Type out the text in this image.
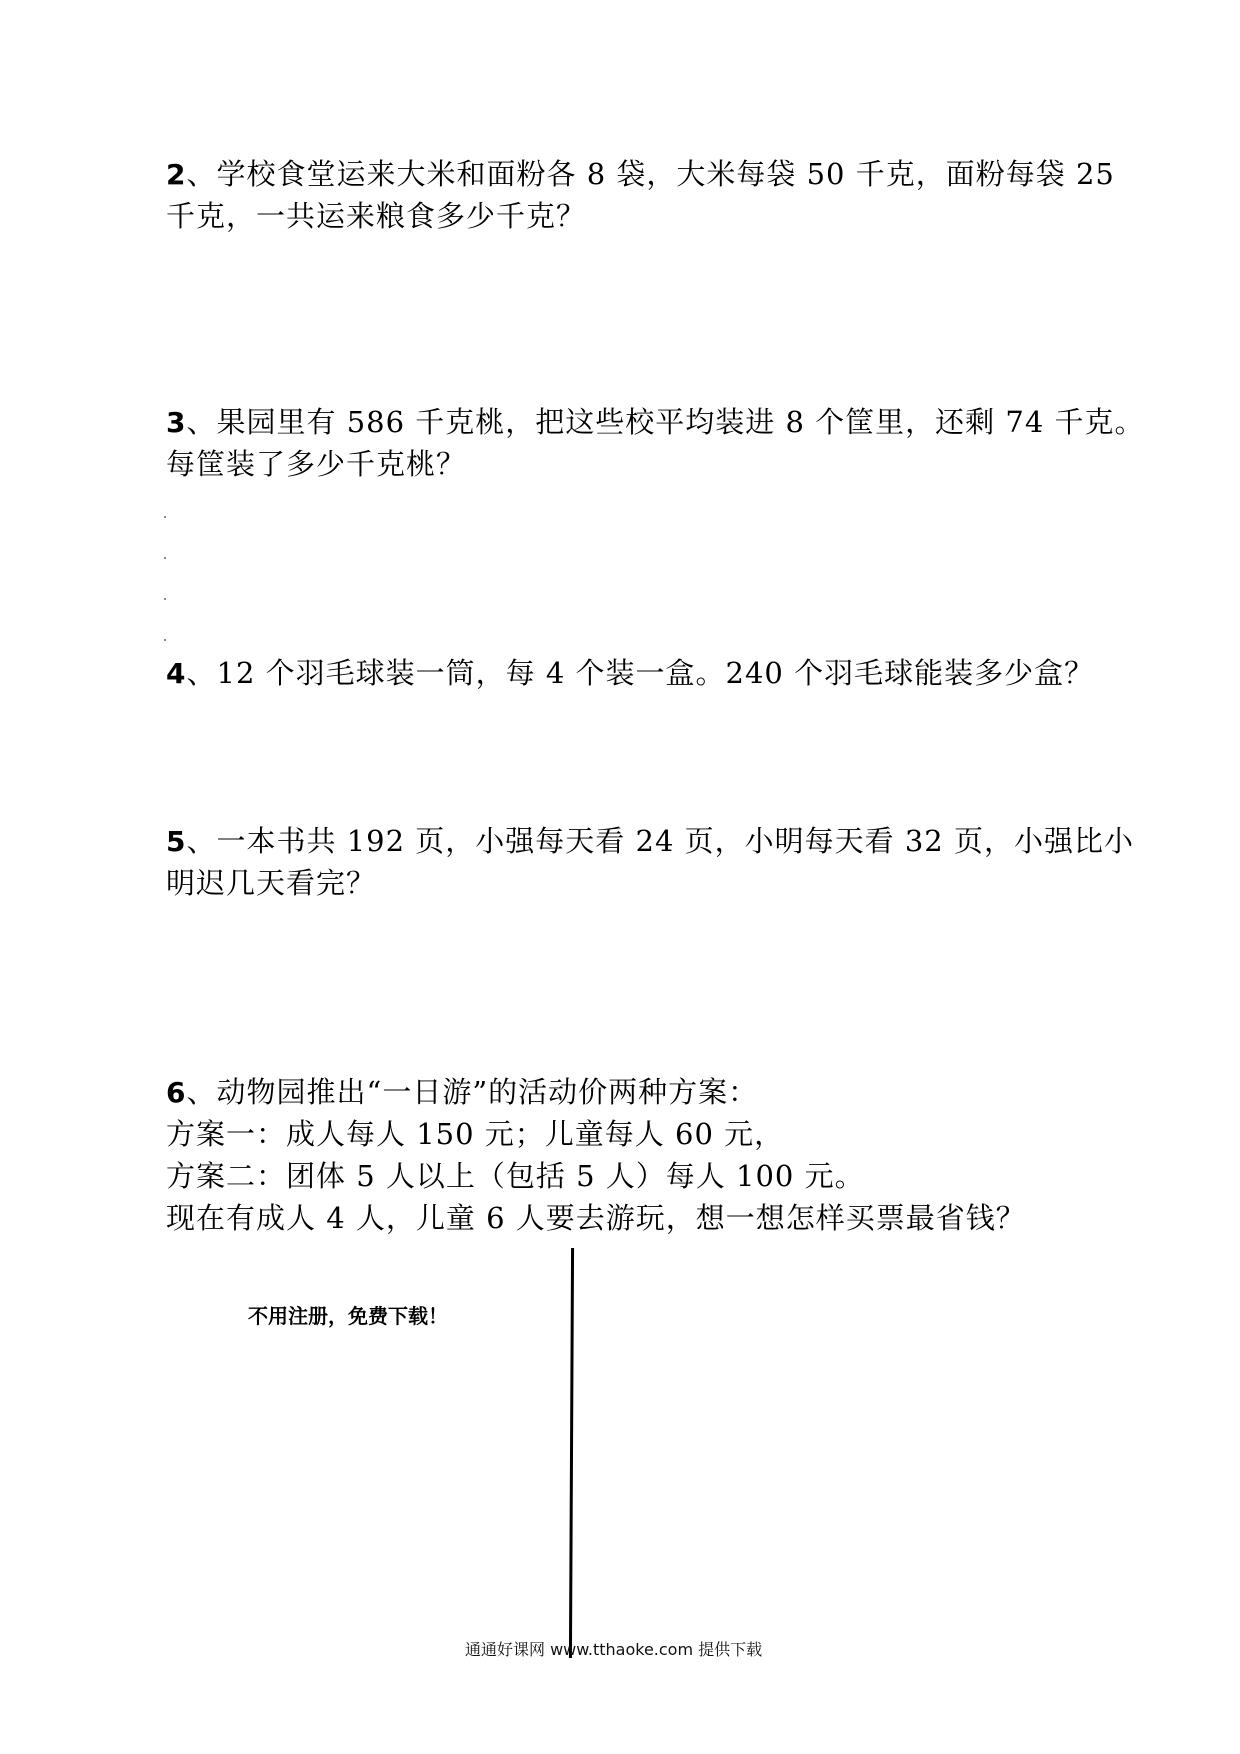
2、学校食堂运来大米和面粉各 8 袋，大米每袋 50 千克，面粉每袋 25
千克，一共运来粮食多少千克？
3、果园里有 586 千克桃，把这些校平均装进 8 个筐里，还剩 74 千克。
每筐装了多少千克桃？
4、12 个羽毛球装一筒，每 4 个装一盒。240 个羽毛球能装多少盒？
5、一本书共 192 页，小强每天看 24 页，小明每天看 32 页，小强比小
明迟几天看完？
6、动物园推出“一日游”的活动价两种方案：
方案一：成人每人 150 元；儿童每人 60 元，
方案二：团体 5 人以上（包括 5 人）每人 100 元。
现在有成人 4 人，儿童 6 人要去游玩，想一想怎样买票最省钱？
不用注册，免费下载！
通通好课网 www.tthaoke.com 提供下载
